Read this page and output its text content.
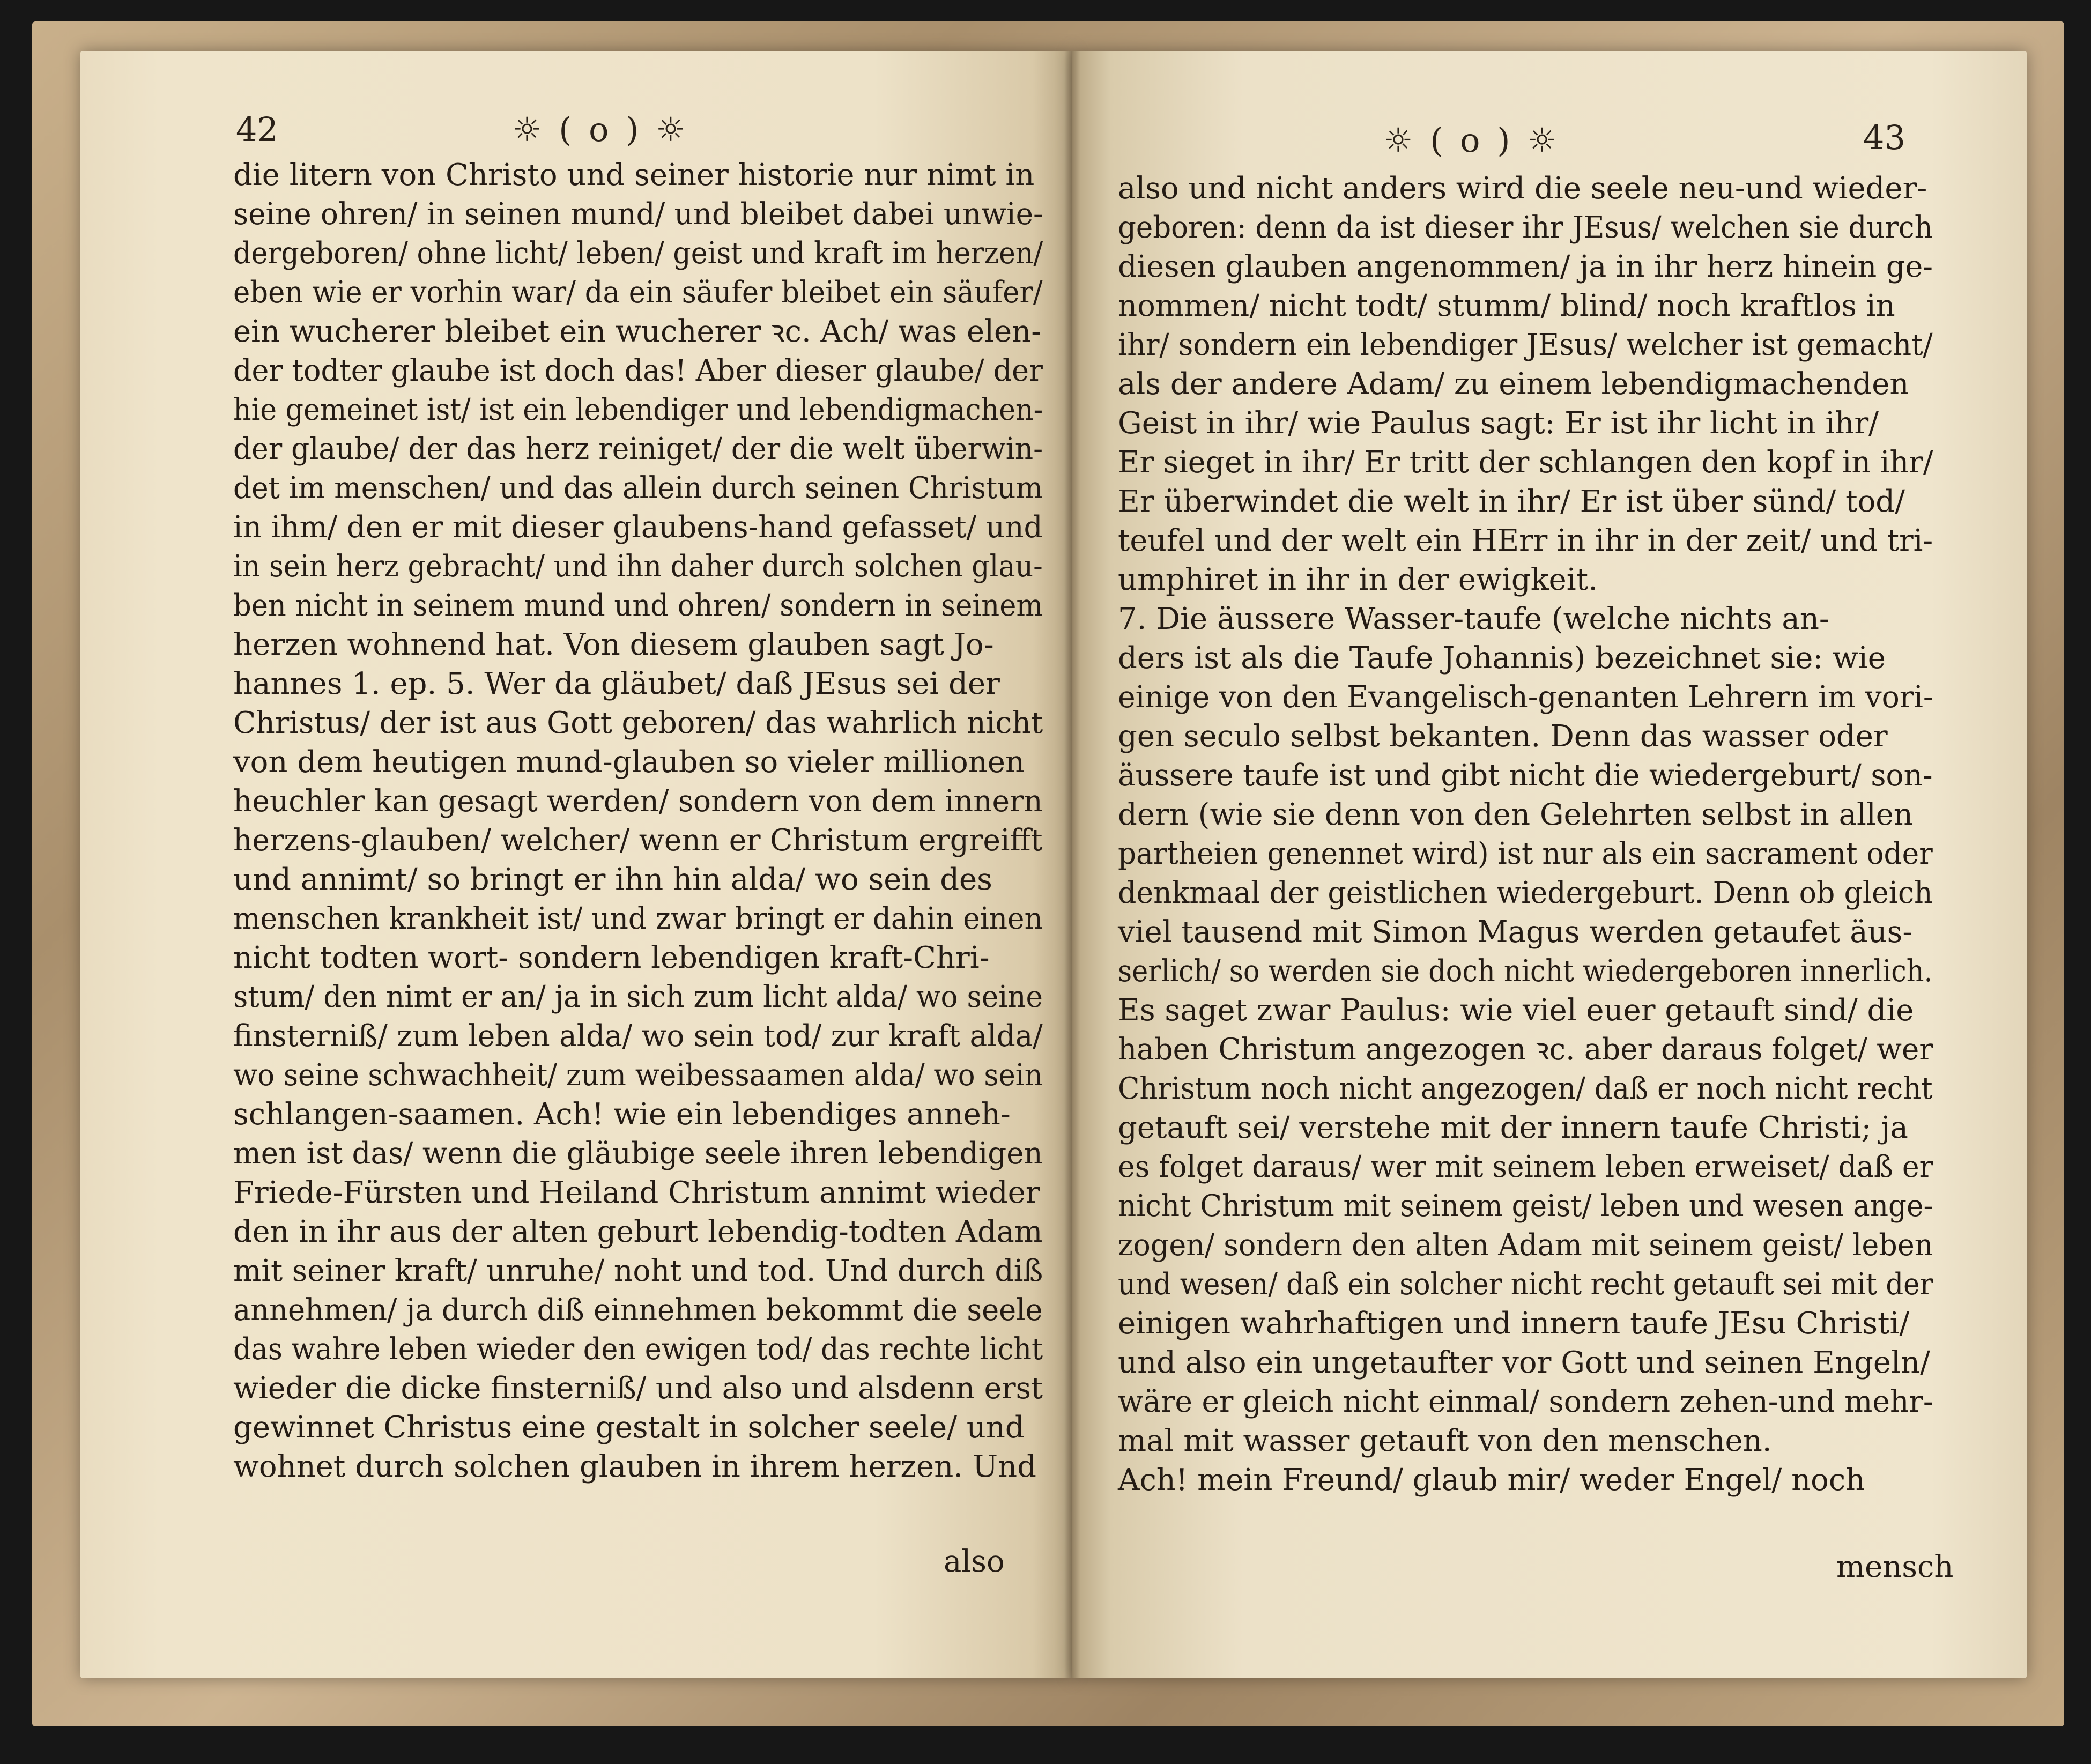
42	☼ ( o ) ☼
die litern von Christo und seiner historie nur nimt in
seine ohren/ in seinen mund/ und bleibet dabei unwie-
dergeboren/ ohne licht/ leben/ geist und kraft im herzen/
eben wie er vorhin war/ da ein säufer bleibet ein säufer/
ein wucherer bleibet ein wucherer ꝛc. Ach/ was elen-
der todter glaube ist doch das! Aber dieser glaube/ der
hie gemeinet ist/ ist ein lebendiger und lebendigmachen-
der glaube/ der das herz reiniget/ der die welt überwin-
det im menschen/ und das allein durch seinen Christum
in ihm/ den er mit dieser glaubens-hand gefasset/ und
in sein herz gebracht/ und ihn daher durch solchen glau-
ben nicht in seinem mund und ohren/ sondern in seinem
herzen wohnend hat. Von diesem glauben sagt Jo-
hannes 1. ep. 5. Wer da gläubet/ daß JEsus sei der
Christus/ der ist aus Gott geboren/ das wahrlich nicht
von dem heutigen mund-glauben so vieler millionen
heuchler kan gesagt werden/ sondern von dem innern
herzens-glauben/ welcher/ wenn er Christum ergreifft
und annimt/ so bringt er ihn hin alda/ wo sein des
menschen krankheit ist/ und zwar bringt er dahin einen
nicht todten wort- sondern lebendigen kraft-Chri-
stum/ den nimt er an/ ja in sich zum licht alda/ wo seine
finsterniß/ zum leben alda/ wo sein tod/ zur kraft alda/
wo seine schwachheit/ zum weibessaamen alda/ wo sein
schlangen-saamen. Ach! wie ein lebendiges anneh-
men ist das/ wenn die gläubige seele ihren lebendigen
Friede-Fürsten und Heiland Christum annimt wieder
den in ihr aus der alten geburt lebendig-todten Adam
mit seiner kraft/ unruhe/ noht und tod. Und durch diß
annehmen/ ja durch diß einnehmen bekommt die seele
das wahre leben wieder den ewigen tod/ das rechte licht
wieder die dicke finsterniß/ und also und alsdenn erst
gewinnet Christus eine gestalt in solcher seele/ und
wohnet durch solchen glauben in ihrem herzen. Und
also
☼ ( o ) ☼	43
also und nicht anders wird die seele neu-und wieder-
geboren: denn da ist dieser ihr JEsus/ welchen sie durch
diesen glauben angenommen/ ja in ihr herz hinein ge-
nommen/ nicht todt/ stumm/ blind/ noch kraftlos in
ihr/ sondern ein lebendiger JEsus/ welcher ist gemacht/
als der andere Adam/ zu einem lebendigmachenden
Geist in ihr/ wie Paulus sagt: Er ist ihr licht in ihr/
Er sieget in ihr/ Er tritt der schlangen den kopf in ihr/
Er überwindet die welt in ihr/ Er ist über sünd/ tod/
teufel und der welt ein HErr in ihr in der zeit/ und tri-
umphiret in ihr in der ewigkeit.
7. Die äussere Wasser-taufe (welche nichts an-
ders ist als die Taufe Johannis) bezeichnet sie: wie
einige von den Evangelisch-genanten Lehrern im vori-
gen seculo selbst bekanten. Denn das wasser oder
äussere taufe ist und gibt nicht die wiedergeburt/ son-
dern (wie sie denn von den Gelehrten selbst in allen
partheien genennet wird) ist nur als ein sacrament oder
denkmaal der geistlichen wiedergeburt. Denn ob gleich
viel tausend mit Simon Magus werden getaufet äus-
serlich/ so werden sie doch nicht wiedergeboren innerlich.
Es saget zwar Paulus: wie viel euer getauft sind/ die
haben Christum angezogen ꝛc. aber daraus folget/ wer
Christum noch nicht angezogen/ daß er noch nicht recht
getauft sei/ verstehe mit der innern taufe Christi; ja
es folget daraus/ wer mit seinem leben erweiset/ daß er
nicht Christum mit seinem geist/ leben und wesen ange-
zogen/ sondern den alten Adam mit seinem geist/ leben
und wesen/ daß ein solcher nicht recht getauft sei mit der
einigen wahrhaftigen und innern taufe JEsu Christi/
und also ein ungetaufter vor Gott und seinen Engeln/
wäre er gleich nicht einmal/ sondern zehen-und mehr-
mal mit wasser getauft von den menschen.
Ach! mein Freund/ glaub mir/ weder Engel/ noch
mensch
